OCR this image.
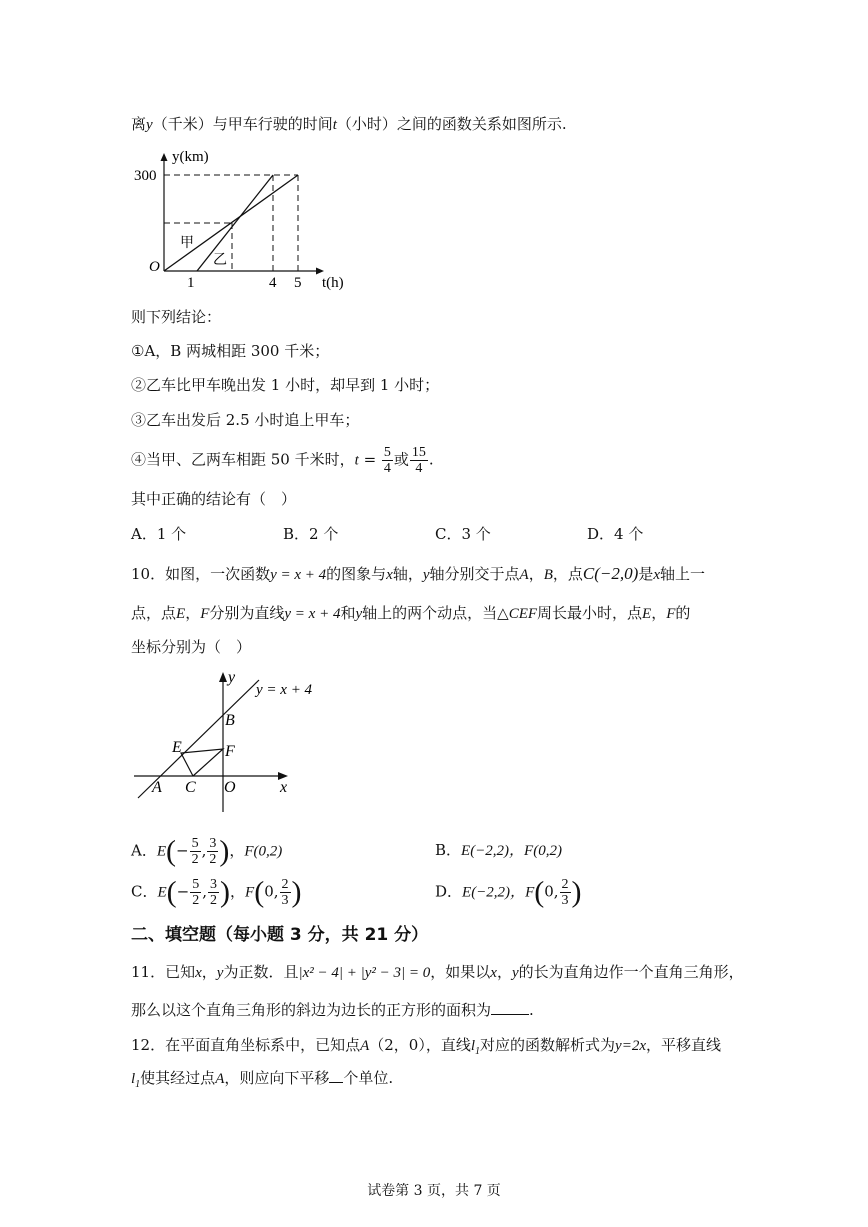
离y（千米）与甲车行驶的时间t（小时）之间的函数关系如图所示.
y(km)
t(h)
O
300
1	4 5
甲
乙
则下列结论：
①A，B 两城相距 300 千米；
②乙车比甲车晚出发 1 小时，却早到 1 小时；
③乙车出发后 2.5 小时追上甲车；
④当甲、乙两车相距 50 千米时，$t = \frac{5}{4}$ 或 $\frac{15}{4}$ .
其中正确的结论有（　）
A．1 个	B．2 个	C．3 个	D．4 个
10．如图，一次函数y = x + 4的图象与x轴，y轴分别交于点A，B，点C(−2,0)是x轴上一
点，点E，F分别为直线y = x + 4和y轴上的两个动点，当△CEF周长最小时，点E，F的
坐标分别为（　）
y
y = x + 4
B
E	F
A C O	x
A．$E(- \frac{5}{2}$ , $\frac{3}{2}$ )，F(0,2)	B．E(−2,2)，F(0,2)
C．$E(- \frac{5}{2}$ , $\frac{3}{2}$ )，F(0, $\frac{2}{3}$ )	D．E(−2,2)，F(0, $\frac{2}{3}$ )
二、填空题（每小题 3 分，共 21 分）
11．已知x，y为正数．且|x² − 4| + |y² − 3| = 0，如果以x，y的长为直角边作一个直角三角形，
那么以这个直角三角形的斜边为边长的正方形的面积为	.
12．在平面直角坐标系中，已知点A（2，0），直线$l_1$对应的函数解析式为y=2x，平移直线
$l_1$使其经过点A，则应向下平移 个单位.
试卷第 3 页，共 7 页
